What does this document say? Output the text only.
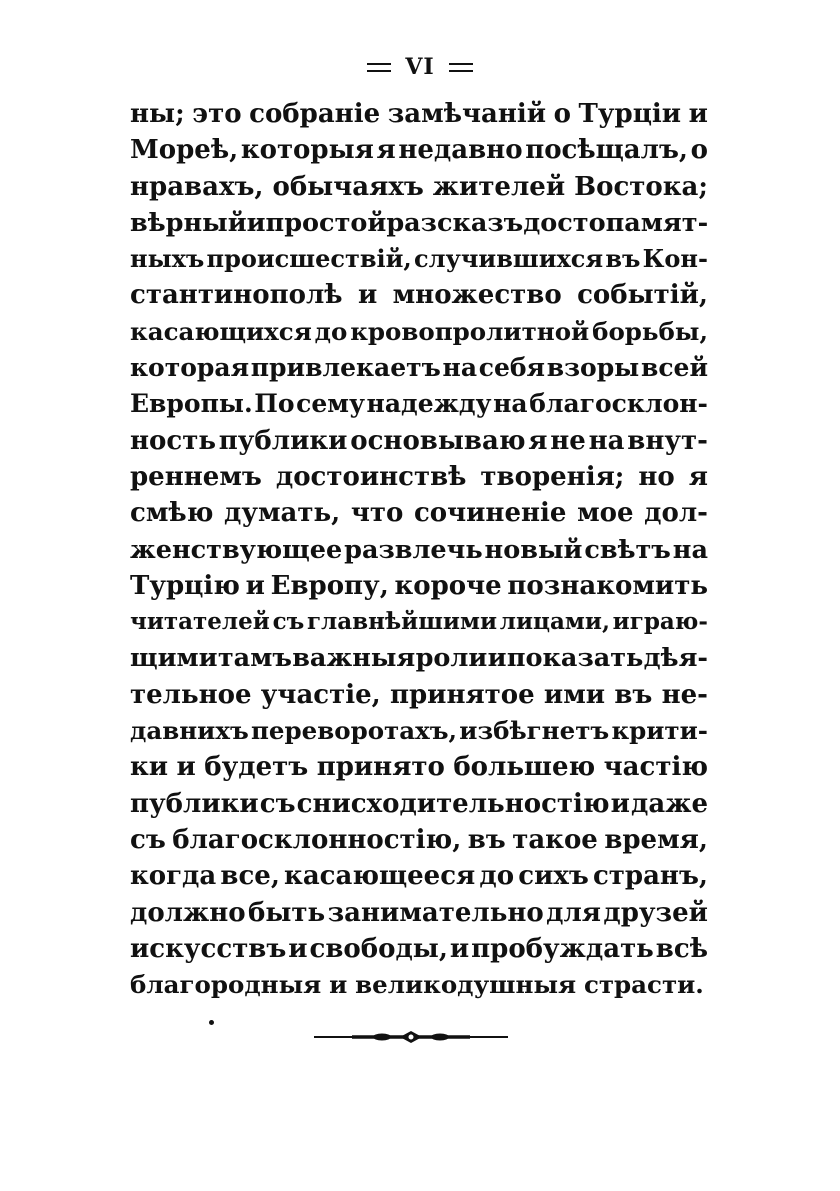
VI
ны; это собраніе замѣчаній о Турціи и
Мореѣ, которыя я недавно посѣщалъ, о
нравахъ, обычаяхъ жителей Востока;
вѣрный и простой разсказъ достопамят-
ныхъ происшествій, случившихся въ Кон-
стантинополѣ и множество событій,
касающихся до кровопролитной борьбы,
которая привлекаетъ на себя взоры всей
Европы. По сему надежду на благосклон-
ность публики основываю я не на внут-
реннемъ достоинствѣ творенія; но я
смѣю думать, что сочиненіе мое дол-
женствующее развлечь новый свѣтъ на
Турцію и Европу, короче познакомить
читателей съ главнѣйшими лицами, играю-
щими тамъ важныя роли и показать дѣя-
тельное участіе, принятое ими въ не-
давнихъ переворотахъ, избѣгнетъ крити-
ки и будетъ принято большею частію
публики съ снисходительностію и даже
съ благосклонностію, въ такое время,
когда все, касающееся до сихъ странъ,
должно быть занимательно для друзей
искусствъ и свободы, и пробуждать всѣ
благородныя и великодушныя страсти.
